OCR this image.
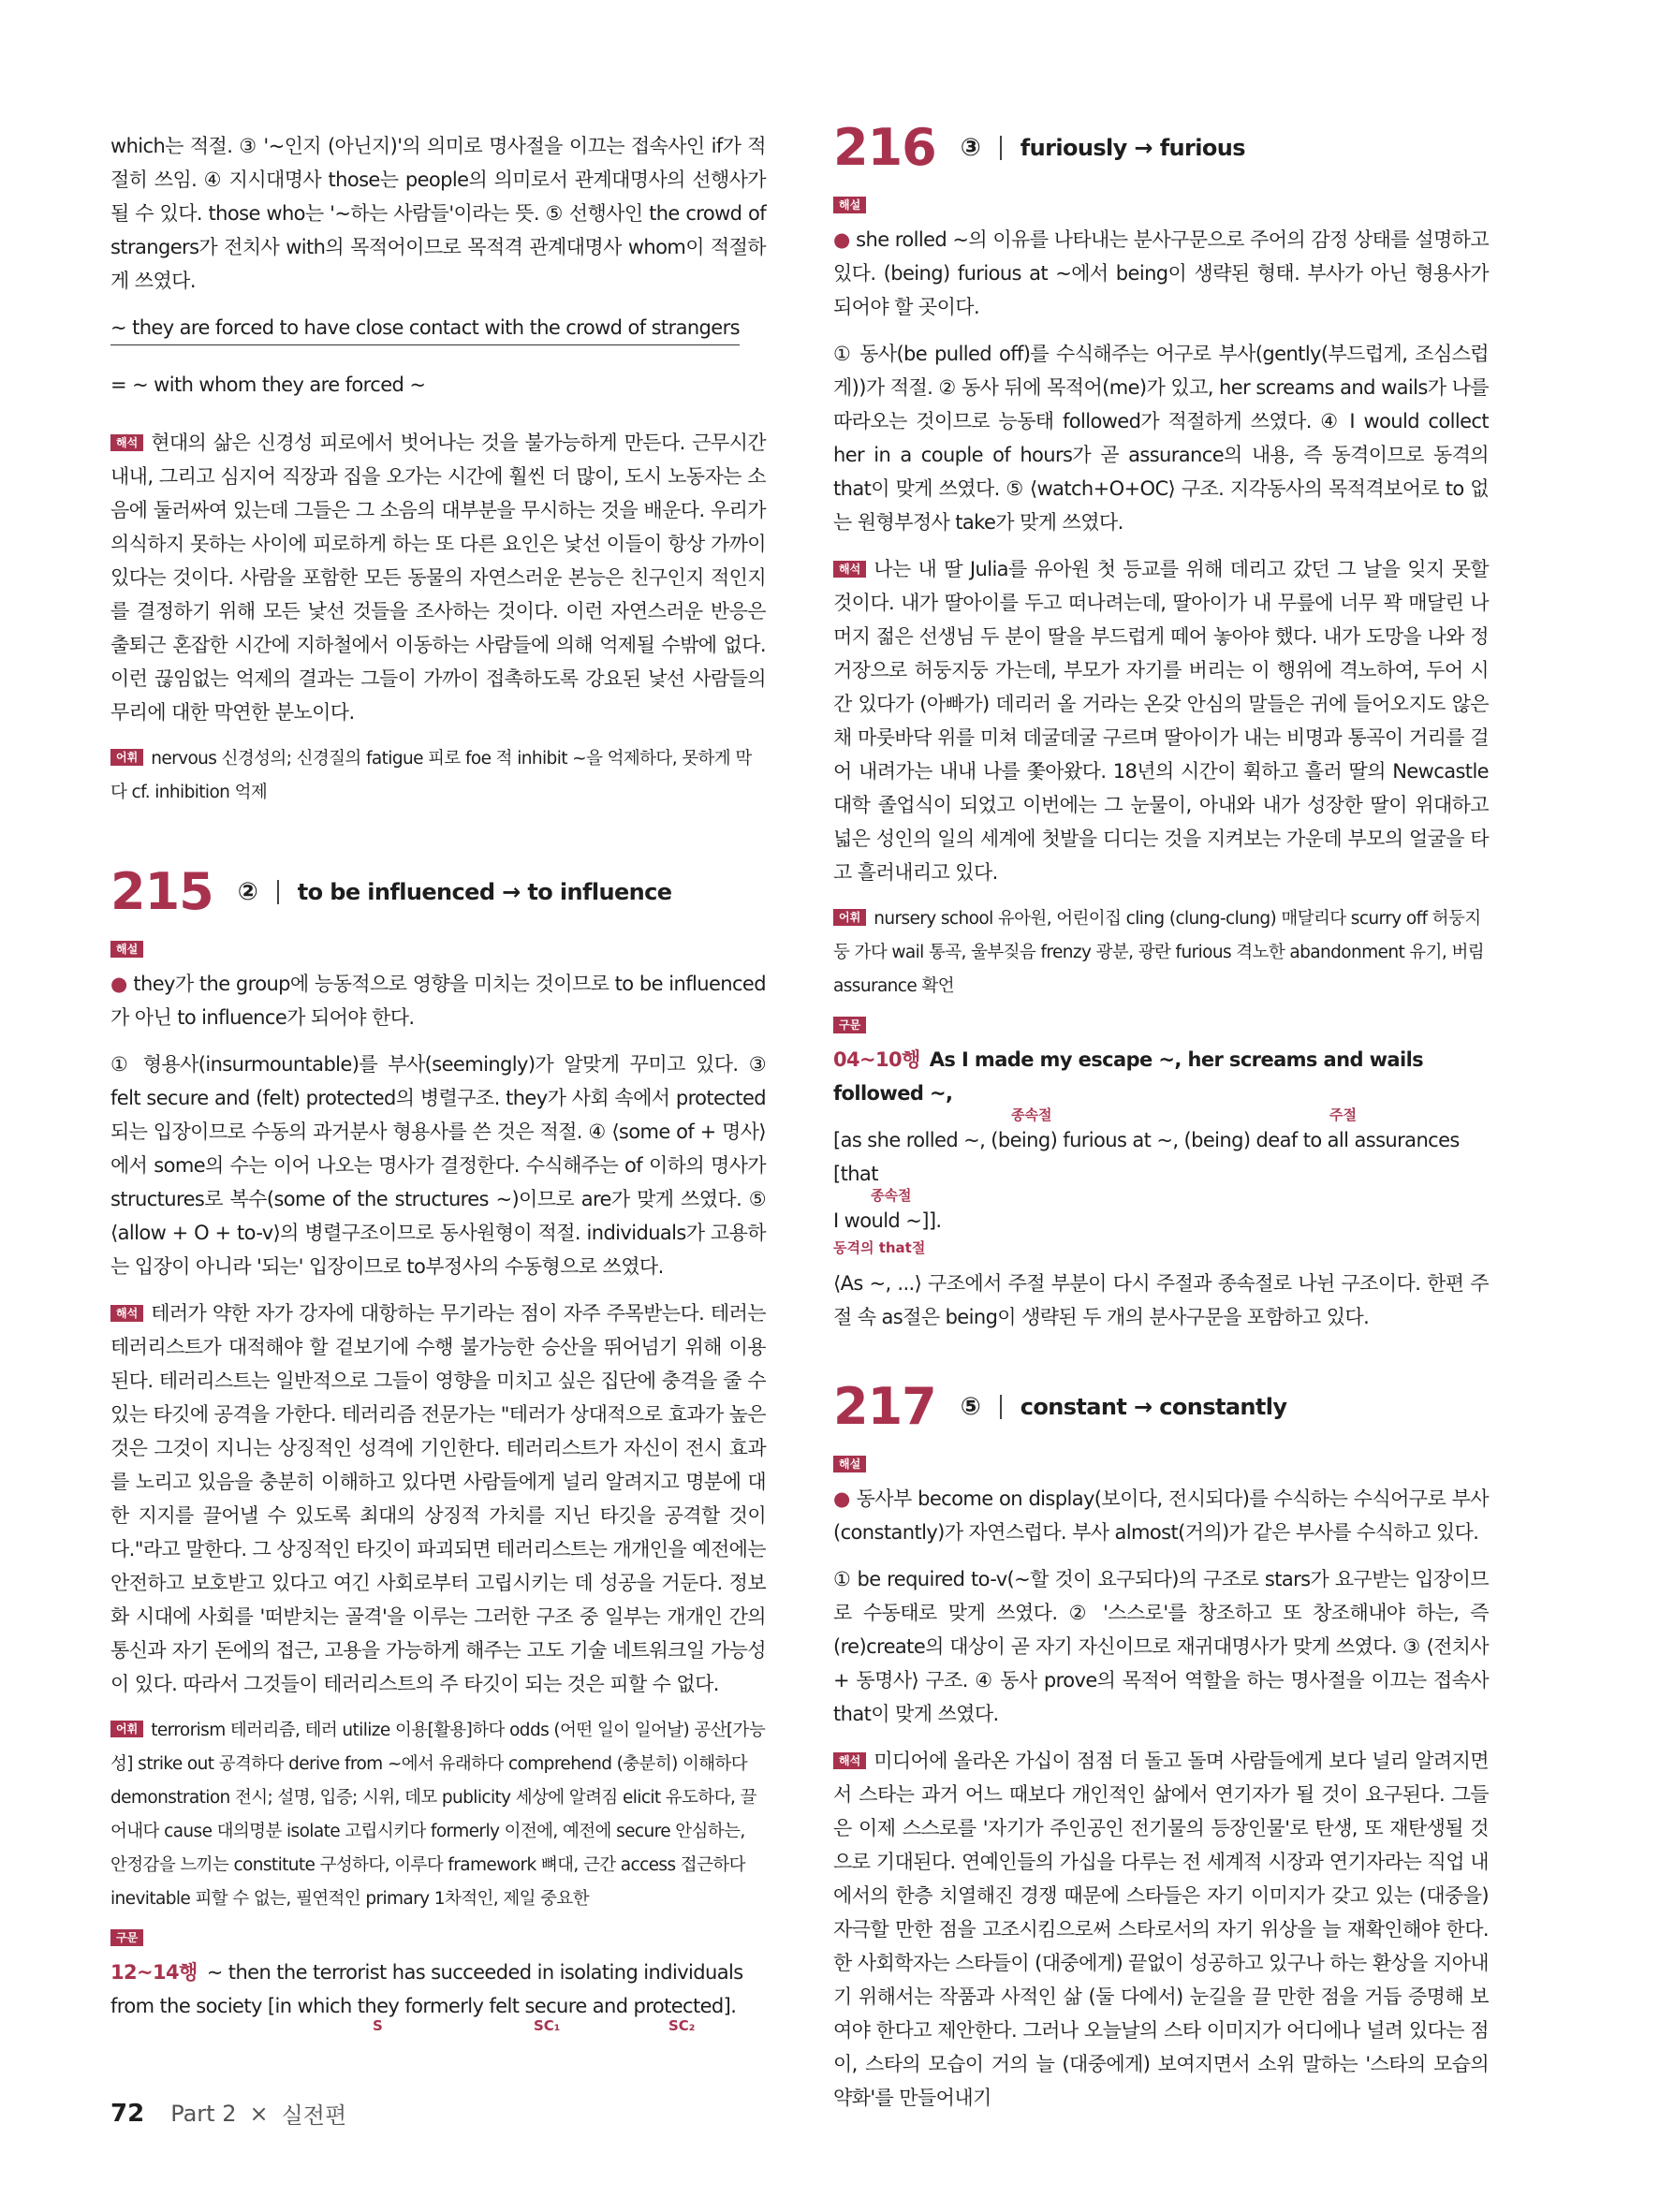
which는 적절. ③ '~인지 (아닌지)'의 의미로 명사절을 이끄는 접속사인 if가 적절히 쓰임. ④ 지시대명사 those는 people의 의미로서 관계대명사의 선행사가 될 수 있다. those who는 '~하는 사람들'이라는 뜻. ⑤ 선행사인 the crowd of strangers가 전치사 with의 목적어이므로 목적격 관계대명사 whom이 적절하게 쓰였다.

~ they are forced to have close contact with the crowd of strangers
= ~ with whom they are forced ~

해석 현대의 삶은 신경성 피로에서 벗어나는 것을 불가능하게 만든다. 근무시간 내내, 그리고 심지어 직장과 집을 오가는 시간에 훨씬 더 많이, 도시 노동자는 소음에 둘러싸여 있는데 그들은 그 소음의 대부분을 무시하는 것을 배운다. 우리가 의식하지 못하는 사이에 피로하게 하는 또 다른 요인은 낯선 이들이 항상 가까이 있다는 것이다. 사람을 포함한 모든 동물의 자연스러운 본능은 친구인지 적인지를 결정하기 위해 모든 낯선 것들을 조사하는 것이다. 이런 자연스러운 반응은 출퇴근 혼잡한 시간에 지하철에서 이동하는 사람들에 의해 억제될 수밖에 없다. 이런 끊임없는 억제의 결과는 그들이 가까이 접촉하도록 강요된 낯선 사람들의 무리에 대한 막연한 분노이다.

어휘 nervous 신경성의; 신경질의 fatigue 피로 foe 적 inhibit ~을 억제하다, 못하게 막다 cf. inhibition 억제
215 ② to be influenced → to influence
해설

● they가 the group에 능동적으로 영향을 미치는 것이므로 to be influenced가 아닌 to influence가 되어야 한다.

① 형용사(insurmountable)를 부사(seemingly)가 알맞게 꾸미고 있다. ③ felt secure and (felt) protected의 병렬구조. they가 사회 속에서 protected되는 입장이므로 수동의 과거분사 형용사를 쓴 것은 적절. ④ ⟨some of + 명사⟩에서 some의 수는 이어 나오는 명사가 결정한다. 수식해주는 of 이하의 명사가 structures로 복수(some of the structures ~)이므로 are가 맞게 쓰였다. ⑤ ⟨allow + O + to-v⟩의 병렬구조이므로 동사원형이 적절. individuals가 고용하는 입장이 아니라 '되는' 입장이므로 to부정사의 수동형으로 쓰였다.

해석 테러가 약한 자가 강자에 대항하는 무기라는 점이 자주 주목받는다. 테러는 테러리스트가 대적해야 할 겉보기에 수행 불가능한 승산을 뛰어넘기 위해 이용된다. 테러리스트는 일반적으로 그들이 영향을 미치고 싶은 집단에 충격을 줄 수 있는 타깃에 공격을 가한다. 테러리즘 전문가는 "테러가 상대적으로 효과가 높은 것은 그것이 지니는 상징적인 성격에 기인한다. 테러리스트가 자신이 전시 효과를 노리고 있음을 충분히 이해하고 있다면 사람들에게 널리 알려지고 명분에 대한 지지를 끌어낼 수 있도록 최대의 상징적 가치를 지닌 타깃을 공격할 것이다."라고 말한다. 그 상징적인 타깃이 파괴되면 테러리스트는 개개인을 예전에는 안전하고 보호받고 있다고 여긴 사회로부터 고립시키는 데 성공을 거둔다. 정보화 시대에 사회를 '떠받치는 골격'을 이루는 그러한 구조 중 일부는 개개인 간의 통신과 자기 돈에의 접근, 고용을 가능하게 해주는 고도 기술 네트워크일 가능성이 있다. 따라서 그것들이 테러리스트의 주 타깃이 되는 것은 피할 수 없다.

어휘 terrorism 테러리즘, 테러 utilize 이용[활용]하다 odds (어떤 일이 일어날) 공산[가능성] strike out 공격하다 derive from ~에서 유래하다 comprehend (충분히) 이해하다 demonstration 전시; 설명, 입증; 시위, 데모 publicity 세상에 알려짐 elicit 유도하다, 끌어내다 cause 대의명분 isolate 고립시키다 formerly 이전에, 예전에 secure 안심하는, 안정감을 느끼는 constitute 구성하다, 이루다 framework 뼈대, 근간 access 접근하다 inevitable 피할 수 없는, 필연적인 primary 1차적인, 제일 중요한
구문
12~14행 ~ then the terrorist has succeeded in isolating individuals
from the society [in which they formerly felt secure and protected].
S	SC₁	SC₂
216 ③ furiously → furious
해설

● she rolled ~의 이유를 나타내는 분사구문으로 주어의 감정 상태를 설명하고 있다. (being) furious at ~에서 being이 생략된 형태. 부사가 아닌 형용사가 되어야 할 곳이다.

① 동사(be pulled off)를 수식해주는 어구로 부사(gently(부드럽게, 조심스럽게))가 적절. ② 동사 뒤에 목적어(me)가 있고, her screams and wails가 나를 따라오는 것이므로 능동태 followed가 적절하게 쓰였다. ④ I would collect her in a couple of hours가 곧 assurance의 내용, 즉 동격이므로 동격의 that이 맞게 쓰였다. ⑤ ⟨watch+O+OC⟩ 구조. 지각동사의 목적격보어로 to 없는 원형부정사 take가 맞게 쓰였다.

해석 나는 내 딸 Julia를 유아원 첫 등교를 위해 데리고 갔던 그 날을 잊지 못할 것이다. 내가 딸아이를 두고 떠나려는데, 딸아이가 내 무릎에 너무 꽉 매달린 나머지 젊은 선생님 두 분이 딸을 부드럽게 떼어 놓아야 했다. 내가 도망을 나와 정거장으로 허둥지둥 가는데, 부모가 자기를 버리는 이 행위에 격노하여, 두어 시간 있다가 (아빠가) 데리러 올 거라는 온갖 안심의 말들은 귀에 들어오지도 않은 채 마룻바닥 위를 미쳐 데굴데굴 구르며 딸아이가 내는 비명과 통곡이 거리를 걸어 내려가는 내내 나를 쫓아왔다. 18년의 시간이 휙하고 흘러 딸의 Newcastle 대학 졸업식이 되었고 이번에는 그 눈물이, 아내와 내가 성장한 딸이 위대하고 넓은 성인의 일의 세계에 첫발을 디디는 것을 지켜보는 가운데 부모의 얼굴을 타고 흘러내리고 있다.

어휘 nursery school 유아원, 어린이집 cling (clung-clung) 매달리다 scurry off 허둥지둥 가다 wail 통곡, 울부짖음 frenzy 광분, 광란 furious 격노한 abandonment 유기, 버림 assurance 확언
구문
04~10행 As I made my escape ~, her screams and wails followed ~,
종속절	주절
[as she rolled ~, (being) furious at ~, (being) deaf to all assurances [that
종속절
I would ~]].
동격의 that절

⟨As ~, ...⟩ 구조에서 주절 부분이 다시 주절과 종속절로 나뉜 구조이다. 한편 주절 속 as절은 being이 생략된 두 개의 분사구문을 포함하고 있다.

217 ⑤ constant → constantly
해설

● 동사부 become on display(보이다, 전시되다)를 수식하는 수식어구로 부사(constantly)가 자연스럽다. 부사 almost(거의)가 같은 부사를 수식하고 있다.

① be required to-v(~할 것이 요구되다)의 구조로 stars가 요구받는 입장이므로 수동태로 맞게 쓰였다. ② '스스로'를 창조하고 또 창조해내야 하는, 즉 (re)create의 대상이 곧 자기 자신이므로 재귀대명사가 맞게 쓰였다. ③ ⟨전치사 + 동명사⟩ 구조. ④ 동사 prove의 목적어 역할을 하는 명사절을 이끄는 접속사 that이 맞게 쓰였다.

해석 미디어에 올라온 가십이 점점 더 돌고 돌며 사람들에게 보다 널리 알려지면서 스타는 과거 어느 때보다 개인적인 삶에서 연기자가 될 것이 요구된다. 그들은 이제 스스로를 '자기가 주인공인 전기물의 등장인물'로 탄생, 또 재탄생될 것으로 기대된다. 연예인들의 가십을 다루는 전 세계적 시장과 연기자라는 직업 내에서의 한층 치열해진 경쟁 때문에 스타들은 자기 이미지가 갖고 있는 (대중을) 자극할 만한 점을 고조시킴으로써 스타로서의 자기 위상을 늘 재확인해야 한다. 한 사회학자는 스타들이 (대중에게) 끝없이 성공하고 있구나 하는 환상을 지아내기 위해서는 작품과 사적인 삶 (둘 다에서) 눈길을 끌 만한 점을 거듭 증명해 보여야 한다고 제안한다. 그러나 오늘날의 스타 이미지가 어디에나 널려 있다는 점이, 스타의 모습이 거의 늘 (대중에게) 보여지면서 소위 말하는 '스타의 모습의 약화'를 만들어내기

72 Part 2 × 실전편
